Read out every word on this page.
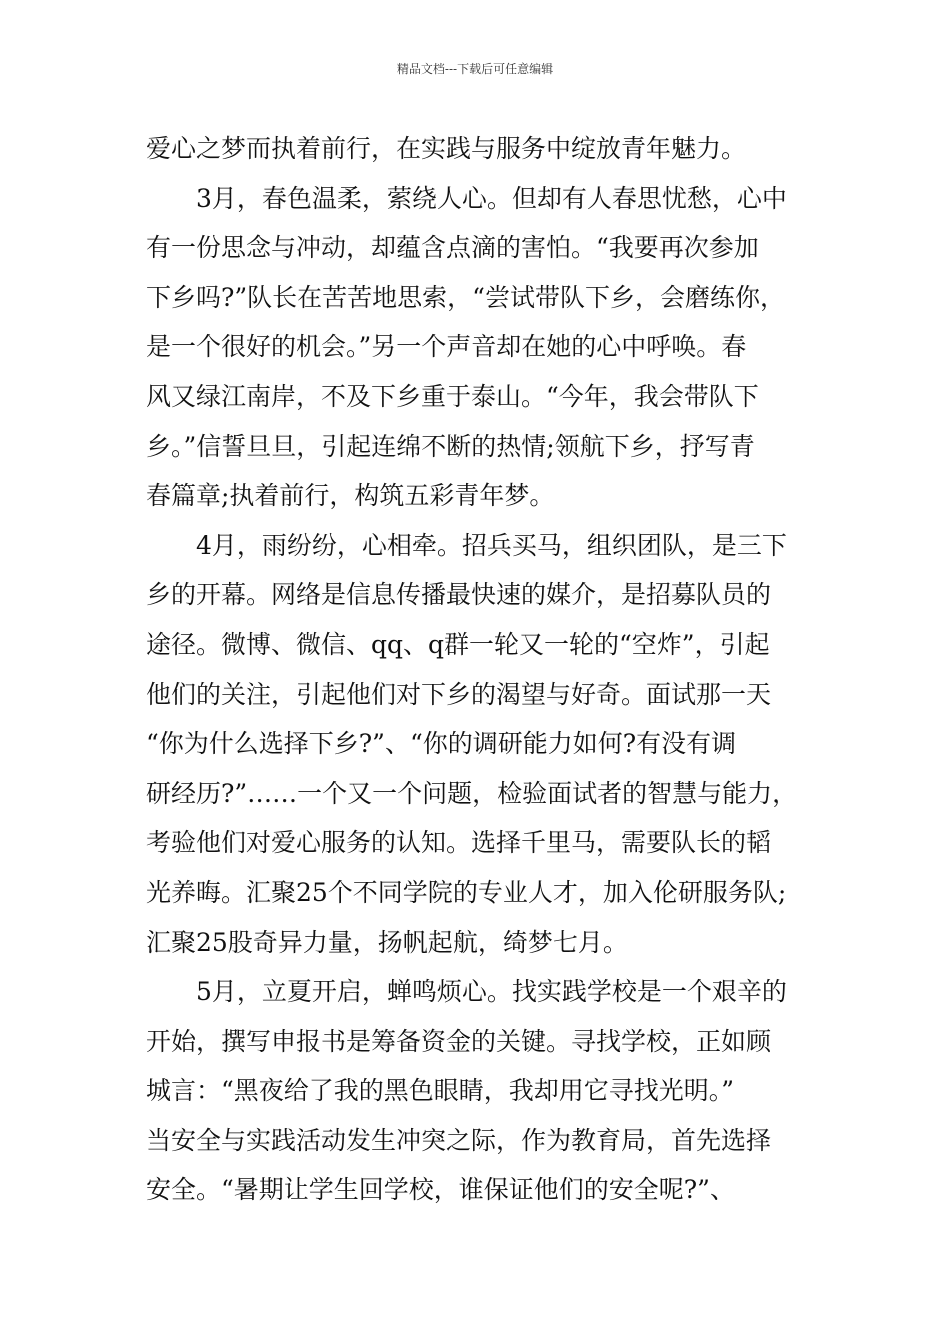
精品文档---下载后可任意编辑
爱心之梦而执着前行，在实践与服务中绽放青年魅力。
　　3月，春色温柔，萦绕人心。但却有人春思忧愁，心中
有一份思念与冲动，却蕴含点滴的害怕。“我要再次参加
下乡吗?”队长在苦苦地思索，“尝试带队下乡，会磨练你，
是一个很好的机会。”另一个声音却在她的心中呼唤。春
风又绿江南岸，不及下乡重于泰山。“今年，我会带队下
乡。”信誓旦旦，引起连绵不断的热情;领航下乡，抒写青
春篇章;执着前行，构筑五彩青年梦。
　　4月，雨纷纷，心相牵。招兵买马，组织团队，是三下
乡的开幕。网络是信息传播最快速的媒介，是招募队员的
途径。微博、微信、qq、q群一轮又一轮的“空炸”，引起
他们的关注，引起他们对下乡的渴望与好奇。面试那一天
“你为什么选择下乡?”、“你的调研能力如何?有没有调
研经历?”……一个又一个问题，检验面试者的智慧与能力，
考验他们对爱心服务的认知。选择千里马，需要队长的韬
光养晦。汇聚25个不同学院的专业人才，加入伦研服务队;
汇聚25股奇异力量，扬帆起航，绮梦七月。
　　5月，立夏开启，蝉鸣烦心。找实践学校是一个艰辛的
开始，撰写申报书是筹备资金的关键。寻找学校，正如顾
城言：“黑夜给了我的黑色眼睛，我却用它寻找光明。”
当安全与实践活动发生冲突之际，作为教育局，首先选择
安全。“暑期让学生回学校，谁保证他们的安全呢?”、
